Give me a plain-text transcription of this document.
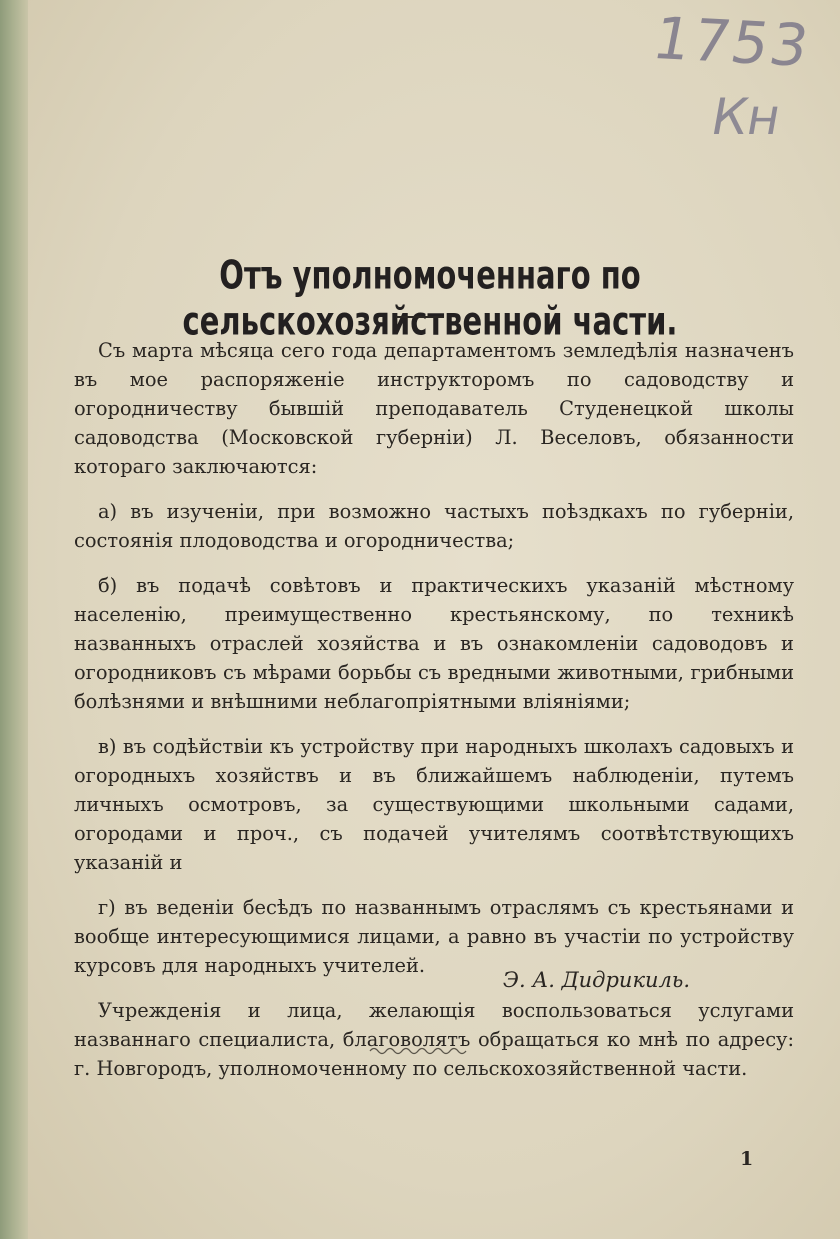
1753
Кн
Отъ уполномоченнаго по сельскохозяйственной части.

Съ марта мѣсяца сего года департаментомъ земледѣлія назначенъ въ мое распоряженіе инструкторомъ по садоводству и огородничеству бывшій преподаватель Студенецкой школы садоводства (Московской губерніи) Л. Веселовъ, обязанности котораго заключаются:

а) въ изученіи, при возможно частыхъ поѣздкахъ по губерніи, состоянія плодоводства и огородничества;

б) въ подачѣ совѣтовъ и практическихъ указаній мѣстному населенію, преимущественно крестьянскому, по техникѣ названныхъ отраслей хозяйства и въ ознакомленіи садоводовъ и огородниковъ съ мѣрами борьбы съ вредными животными, грибными болѣзнями и внѣшними неблагопріятными вліяніями;

в) въ содѣйствіи къ устройству при народныхъ школахъ садовыхъ и огородныхъ хозяйствъ и въ ближайшемъ наблюденіи, путемъ личныхъ осмотровъ, за существующими школьными садами, огородами и проч., съ подачей учителямъ соотвѣтствующихъ указаній и

г) въ веденіи бесѣдъ по названнымъ отраслямъ съ крестьянами и вообще интересующимися лицами, а равно въ участіи по устройству курсовъ для народныхъ учителей.

Учрежденія и лица, желающія воспользоваться услугами названнаго специалиста, благоволятъ обращаться ко мнѣ по адресу: г. Новгородъ, уполномоченному по сельскохозяйственной части.

Э. А. Дидрикиль.
1
